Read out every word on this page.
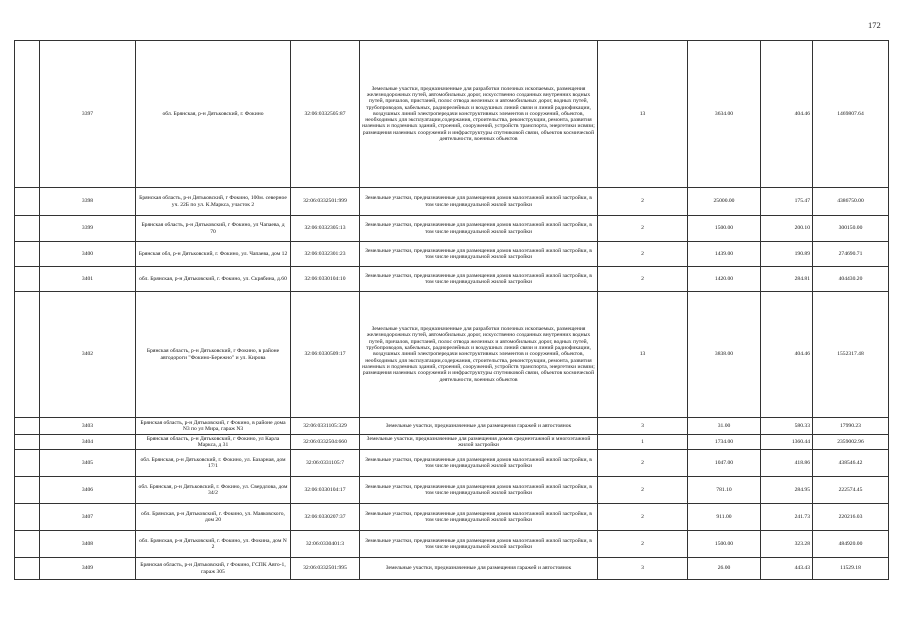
172
	3397	обл. Брянская, р-н Дятьковский, г. Фокино	32:06:0332505:87	Земельные участки, предназначенные для разработки полезных ископаемых, размещения железнодорожных путей, автомобильных дорог, искусственно созданных внутренних водных путей, причалов, пристаней, полос отвода железных и автомобильных дорог, водных путей, трубопроводов, кабельных, радиорелейных и воздушных линий связи и линий радиофикации, воздушных линий электропередачи конструктивных элементов и сооружений, объектов, необходимых для эксплуатации,содержания, строительства, реконструкции, ремонта, развития наземных и подземных зданий, строений, сооружений, устройств транспорта, энергетики исвязи; размещения наземных сооружений и инфраструктуры спутниковой связи, объектов космической деятельности, военных объектов	13	3634.00	404.46	1469807.64
	3398	Брянская область, р-н Дятьковский, г Фокино, 100м. северное уч. 22Б по ул. К.Маркса, участок 2	32:06:0332501:999	Земельные участки, предназначенные для размещения домов малоэтажной жилой застройки, в том числе индивидуальной жилой застройки	2	25000.00	175.47	4386750.00
	3399	Брянская область, р-н Дятьковский, г Фокино, ул Чапаева, д 70	32:06:0332305:13	Земельные участки, предназначенные для размещения домов малоэтажной жилой застройки, в том числе индивидуальной жилой застройки	2	1500.00	200.10	300150.00
	3400	Брянская обл, р-н Дятьковский, г. Фокино, ул. Чапаева, дом 12	32:06:0332301:23	Земельные участки, предназначенные для размещения домов малоэтажной жилой застройки, в том числе индивидуальной жилой застройки	2	1439.00	190.89	274690.71
	3401	обл. Брянская, р-н Дятьковский, г. Фокино, ул. Скрябина, д.60	32:06:0330104:10	Земельные участки, предназначенные для размещения домов малоэтажной жилой застройки, в том числе индивидуальной жилой застройки	2	1420.00	284.81	404430.20
	3402	Брянская область, р-н Дятьковский, г Фокино, в районе автодороги "Фокино-Бережно" и ул. Кирова	32:06:0330509:17	Земельные участки, предназначенные для разработки полезных ископаемых, размещения железнодорожных путей, автомобильных дорог, искусственно созданных внутренних водных путей, причалов, пристаней, полос отвода железных и автомобильных дорог, водных путей, трубопроводов, кабельных, радиорелейных и воздушных линий связи и линий радиофикации, воздушных линий электропередачи конструктивных элементов и сооружений, объектов, необходимых для эксплуатации,содержания, строительства, реконструкции, ремонта, развития наземных и подземных зданий, строений, сооружений, устройств транспорта, энергетики исвязи; размещения наземных сооружений и инфраструктуры спутниковой связи, объектов космической деятельности, военных объектов	13	3838.00	404.46	1552317.48
	3403	Брянская область, р-н Дятьковский, г Фокино, в районе дома N3 по ул Мира, гараж N3	32:06:0331105:329	Земельные участки, предназначенные для размещения гаражей и автостоянок	3	31.00	580.33	17990.23
	3404	Брянская область, р-н Дятьковский, г Фокино, ул Карла Маркса, д 31	32:06:0332504:660	Земельные участки, предназначенные для размещения домов среднеэтажной и многоэтажной жилой застройки	1	1734.00	1360.44	2359002.96
	3405	обл. Брянская, р-н Дятьковский, г. Фокино, ул. Базарная, дом 17/1	32:06:0331105:7	Земельные участки, предназначенные для размещения домов малоэтажной жилой застройки, в том числе индивидуальной жилой застройки	2	1047.00	418.86	438546.42
	3406	обл. Брянская, р-н Дятьковский, г. Фокино, ул. Свердлова, дом 34/2	32:06:0330104:17	Земельные участки, предназначенные для размещения домов малоэтажной жилой застройки, в том числе индивидуальной жилой застройки	2	781.10	284.95	222574.45
	3407	обл. Брянская, р-н Дятьковский, г. Фокино, ул. Маяковского, дом 20	32:06:0330207:37	Земельные участки, предназначенные для размещения домов малоэтажной жилой застройки, в том числе индивидуальной жилой застройки	2	911.00	241.73	220216.03
	3408	обл. Брянская, р-н Дятьковский, г. Фокино, ул. Фокина, дом N 2	32:06:0330401:3	Земельные участки, предназначенные для размещения домов малоэтажной жилой застройки, в том числе индивидуальной жилой застройки	2	1500.00	323.28	484920.00
	3409	Брянская область, р-н Дятьковский, г Фокино, ГСПК Авто-1, гараж 305	32:06:0332501:995	Земельные участки, предназначенные для размещения гаражей и автостоянок	3	26.00	443.43	11529.18
